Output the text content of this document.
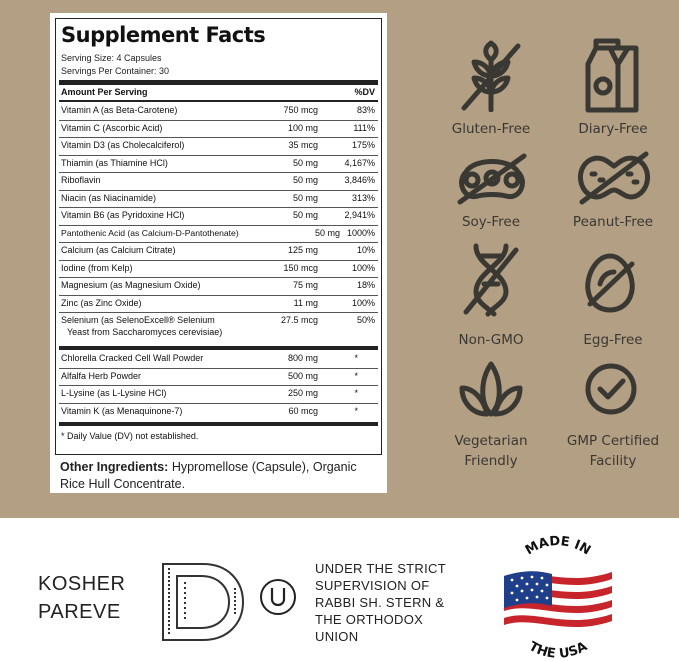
Supplement Facts
Serving Size: 4 Capsules
Servings Per Container: 30
Amount Per Serving	%DV
Vitamin A (as Beta-Carotene)	750 mcg	83%
Vitamin C (Ascorbic Acid)	100 mg	111%
Vitamin D3 (as Cholecalciferol)	35 mcg	175%
Thiamin (as Thiamine HCl)	50 mg	4,167%
Riboflavin	50 mg	3,846%
Niacin (as Niacinamide)	50 mg	313%
Vitamin B6 (as Pyridoxine HCl)	50 mg	2,941%
Pantothenic Acid (as Calcium-D-Pantothenate)	50 mg 1000%
Calcium (as Calcium Citrate)	125 mg	10%
Iodine (from Kelp)	150 mcg	100%
Magnesium (as Magnesium Oxide)	75 mg	18%
Zinc (as Zinc Oxide)	11 mg	100%
Selenium (as SelenoExcell® Selenium
Yeast from Saccharomyces cerevisiae)
27.5 mcg	50%
Chlorella Cracked Cell Wall Powder	800 mg	*
Alfalfa Herb Powder	500 mg	*
L-Lysine (as L-Lysine HCl)	250 mg	*
Vitamin K (as Menaquinone-7)	60 mcg	*
* Daily Value (DV) not established.
Other Ingredients: Hypromellose (Capsule), Organic Rice Hull Concentrate.
Gluten-Free	Diary-Free
Soy-Free	Peanut-Free
Non-GMO	Egg-Free
Vegetarian
Friendly
GMP Certified
Facility
KOSHER
PAREVE
UNDER THE STRICT
SUPERVISION OF
RABBI SH. STERN &
THE ORTHODOX
UNION
MADE IN
THE USA
